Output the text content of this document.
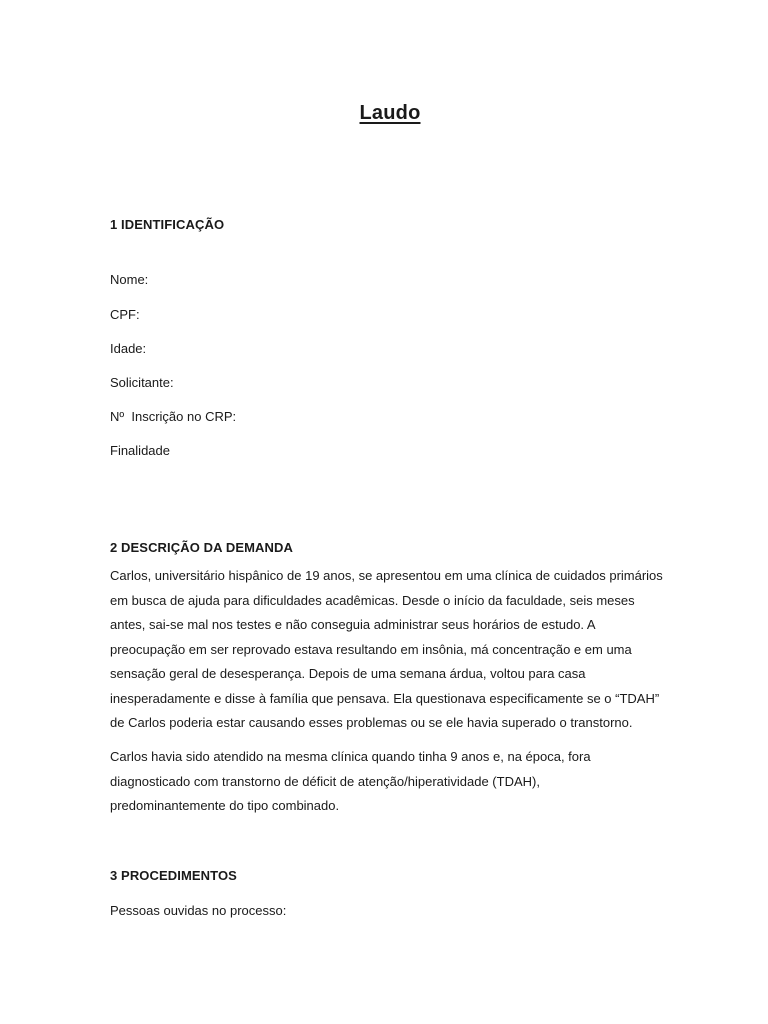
Laudo
1 IDENTIFICAÇÃO
Nome:
CPF:
Idade:
Solicitante:
Nº  Inscrição no CRP:
Finalidade
2 DESCRIÇÃO DA DEMANDA
Carlos, universitário hispânico de 19 anos, se apresentou em uma clínica de cuidados primários
em busca de ajuda para dificuldades acadêmicas. Desde o início da faculdade, seis meses
antes, sai-se mal nos testes e não conseguia administrar seus horários de estudo. A
preocupação em ser reprovado estava resultando em insônia, má concentração e em uma
sensação geral de desesperança. Depois de uma semana árdua, voltou para casa
inesperadamente e disse à família que pensava. Ela questionava especificamente se o “TDAH”
de Carlos poderia estar causando esses problemas ou se ele havia superado o transtorno.
Carlos havia sido atendido na mesma clínica quando tinha 9 anos e, na época, fora
diagnosticado com transtorno de déficit de atenção/hiperatividade (TDAH),
predominantemente do tipo combinado.
3 PROCEDIMENTOS
Pessoas ouvidas no processo:
